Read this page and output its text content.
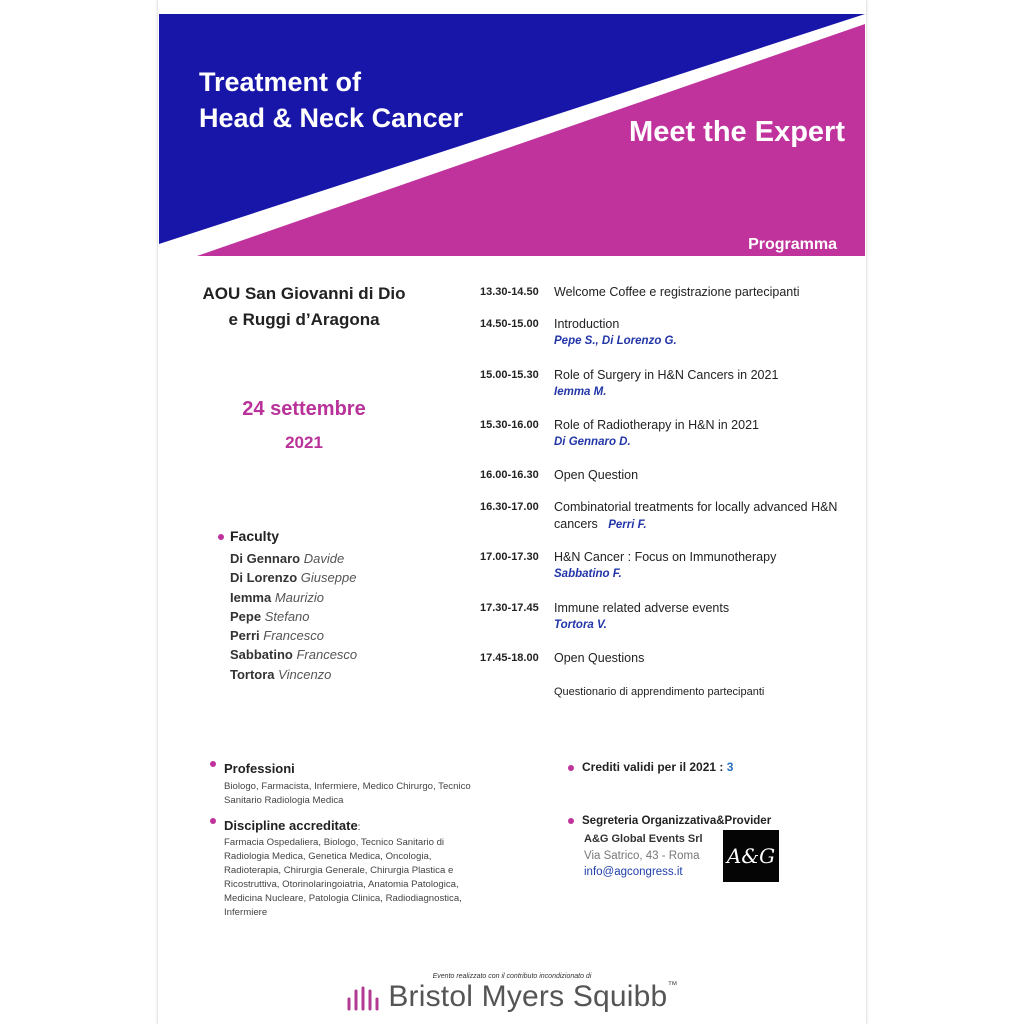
Treatment of
Head & Neck Cancer	Meet the Expert
Programma
AOU San Giovanni di Dio
e Ruggi d’Aragona
24 settembre
2021
Faculty
Di Gennaro Davide
Di Lorenzo Giuseppe
Iemma Maurizio
Pepe Stefano
Perri Francesco
Sabbatino Francesco
Tortora Vincenzo
13.30-14.50	Welcome Coffee e registrazione partecipanti
14.50-15.00	Introduction
Pepe S., Di Lorenzo G.
15.00-15.30	Role of Surgery in H&N Cancers in 2021
Iemma M.
15.30-16.00	Role of Radiotherapy in H&N in 2021
Di Gennaro D.
16.00-16.30	Open Question
16.30-17.00	Combinatorial treatments for locally advanced H&N cancers Perri F.
17.00-17.30	H&N Cancer : Focus on Immunotherapy
Sabbatino F.
17.30-17.45	Immune related adverse events
Tortora V.
17.45-18.00	Open Questions
Questionario di apprendimento partecipanti
Professioni
Biologo, Farmacista, Infermiere, Medico Chirurgo, Tecnico Sanitario Radiologia Medica
Discipline accreditate:
Farmacia Ospedaliera, Biologo, Tecnico Sanitario di Radiologia Medica, Genetica Medica, Oncologia, Radioterapia, Chirurgia Generale, Chirurgia Plastica e Ricostruttiva, Otorinolaringoiatria, Anatomia Patologica, Medicina Nucleare, Patologia Clinica, Radiodiagnostica, Infermiere
Crediti validi per il 2021 : 3
Segreteria Organizzativa&Provider
A&G Global Events Srl
Via Satrico, 43 - Roma
info@agcongress.it
A&G
Evento realizzato con il contributo incondizionato di
Bristol Myers Squibb™
